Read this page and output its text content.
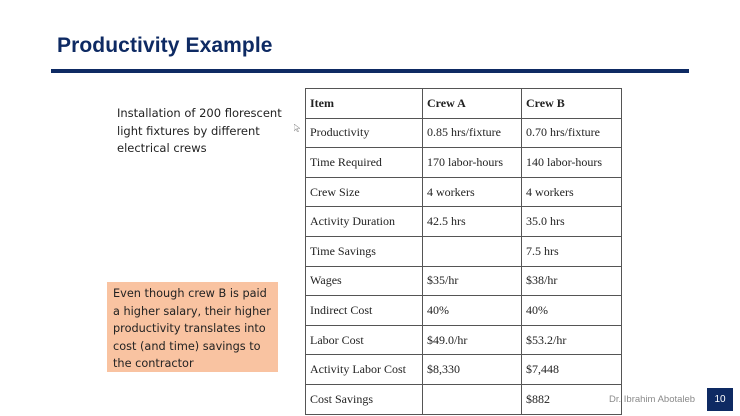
Productivity Example
Installation of 200 florescent light fixtures by different electrical crews
Even though crew B is paid a higher salary, their higher productivity translates into cost (and time) savings to the contractor
Item	Crew A	Crew B
Productivity	0.85 hrs/fixture	0.70 hrs/fixture
Time Required	170 labor-hours	140 labor-hours
Crew Size	4 workers	4 workers
Activity Duration	42.5 hrs	35.0 hrs
Time Savings		7.5 hrs
Wages	$35/hr	$38/hr
Indirect Cost	40%	40%
Labor Cost	$49.0/hr	$53.2/hr
Activity Labor Cost	$8,330	$7,448
Cost Savings		$882	Dr. Ibrahim Abotaleb	10
